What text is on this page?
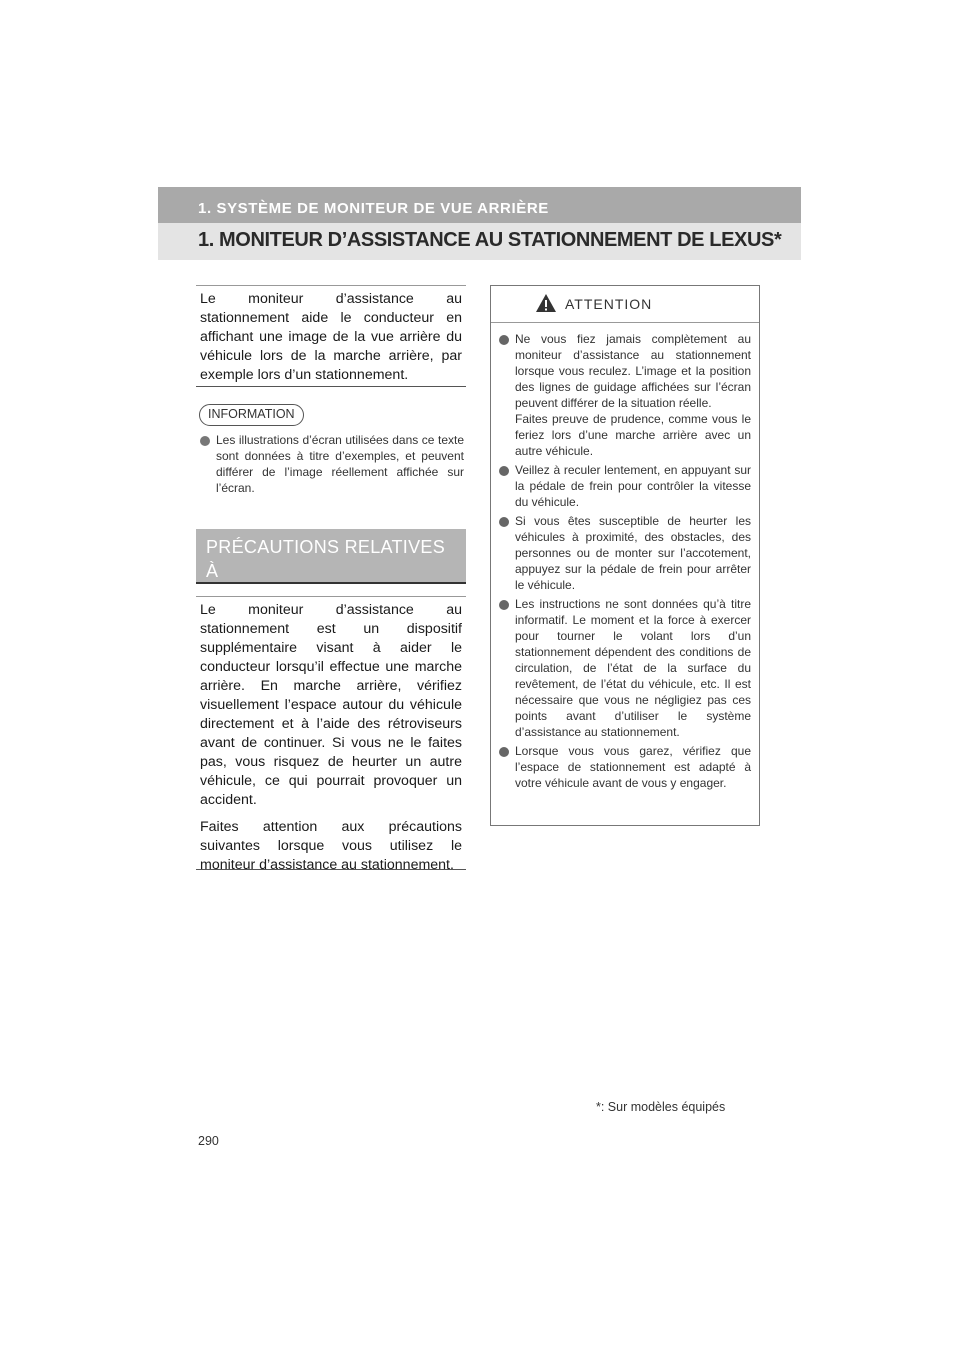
1. SYSTÈME DE MONITEUR DE VUE ARRIÈRE
1. MONITEUR D’ASSISTANCE AU STATIONNEMENT DE LEXUS*
Le moniteur d’assistance au stationnement aide le conducteur en affichant une image de la vue arrière du véhicule lors de la marche arrière, par exemple lors d’un stationnement.
INFORMATION
Les illustrations d’écran utilisées dans ce texte sont données à titre d’exemples, et peuvent différer de l’image réellement affichée sur l’écran.
PRÉCAUTIONS RELATIVES À
LA CONDUITE

Le moniteur d’assistance au stationnement est un dispositif supplémentaire visant à aider le conducteur lorsqu’il effectue une marche arrière. En marche arrière, vérifiez visuellement l’espace autour du véhicule directement et à l’aide des rétroviseurs avant de continuer. Si vous ne le faites pas, vous risquez de heurter un autre véhicule, ce qui pourrait provoquer un accident.

Faites attention aux précautions suivantes lorsque vous utilisez le moniteur d’assistance au stationnement.

ATTENTION
Ne vous fiez jamais complètement au moniteur d’assistance au stationnement lorsque vous reculez. L’image et la position des lignes de guidage affichées sur l’écran peuvent différer de la situation réelle.
Faites preuve de prudence, comme vous le feriez lors d’une marche arrière avec un autre véhicule.
Veillez à reculer lentement, en appuyant sur la pédale de frein pour contrôler la vitesse du véhicule.
Si vous êtes susceptible de heurter les véhicules à proximité, des obstacles, des personnes ou de monter sur l’accotement, appuyez sur la pédale de frein pour arrêter le véhicule.
Les instructions ne sont données qu’à titre informatif. Le moment et la force à exercer pour tourner le volant lors d’un stationnement dépendent des conditions de circulation, de l’état de la surface du revêtement, de l’état du véhicule, etc. Il est nécessaire que vous ne négligiez pas ces points avant d’utiliser le système d’assistance au stationnement.
Lorsque vous vous garez, vérifiez que l’espace de stationnement est adapté à votre véhicule avant de vous y engager.
*: Sur modèles équipés
290
